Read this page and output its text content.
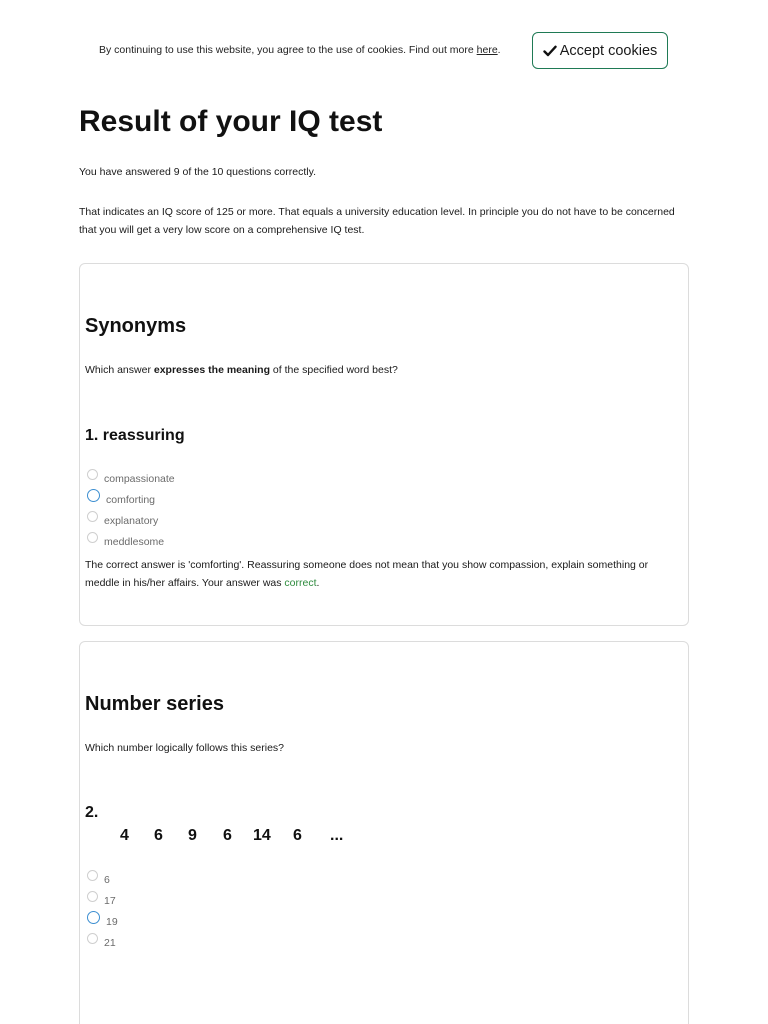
By continuing to use this website, you agree to the use of cookies. Find out more here.	Accept cookies
Result of your IQ test

You have answered 9 of the 10 questions correctly.

That indicates an IQ score of 125 or more. That equals a university education level. In principle you do not have to be concerned that you will get a very low score on a comprehensive IQ test.

Synonyms

Which answer expresses the meaning of the specified word best?

1. reassuring
compassionate
comforting
explanatory
meddlesome

The correct answer is 'comforting'. Reassuring someone does not mean that you show compassion, explain something or meddle in his/her affairs. Your answer was correct.

Number series

Which number logically follows this series?

2.
4	6	9	6	14	6	...
6
17
19
21
